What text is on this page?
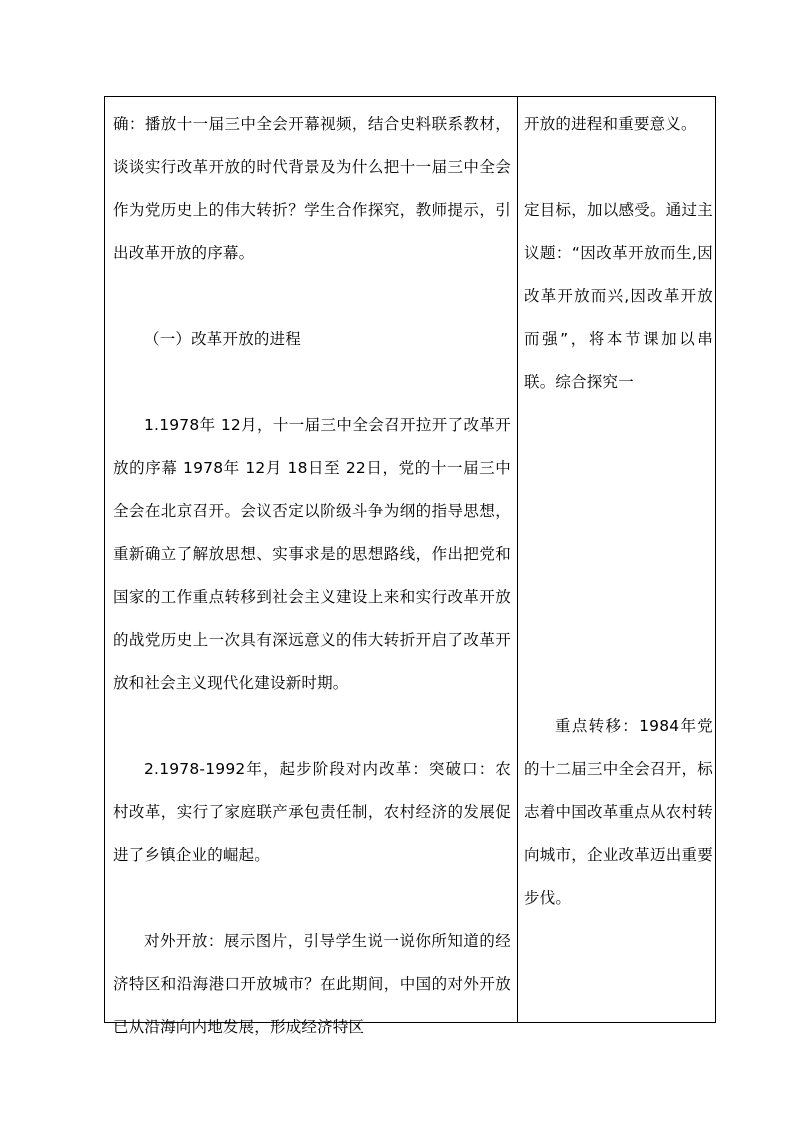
确：播放十一届三中全会开幕视频，结合史料联系教材，谈谈实行改革开放的时代背景及为什么把十一届三中全会作为党历史上的伟大转折？学生合作探究，教师提示，引出改革开放的序幕。

（一）改革开放的进程

1.1978年 12月，十一届三中全会召开拉开了改革开放的序幕 1978年 12月 18日至 22日，党的十一届三中全会在北京召开。会议否定以阶级斗争为纲的指导思想，重新确立了解放思想、实事求是的思想路线，作出把党和国家的工作重点转移到社会主义建设上来和实行改革开放的战党历史上一次具有深远意义的伟大转折开启了改革开放和社会主义现代化建设新时期。

2.1978-1992年，起步阶段对内改革：突破口：农村改革，实行了家庭联产承包责任制，农村经济的发展促进了乡镇企业的崛起。

对外开放：展示图片，引导学生说一说你所知道的经济特区和沿海港口开放城市？在此期间，中国的对外开放已从沿海向内地发展，形成经济特区

开放的进程和重要意义。

定目标，加以感受。通过主议题：“因改革开放而生,因改革开放而兴,因改革开放而强”，将本节课加以串联。综合探究一

重点转移：1984年党的十二届三中全会召开，标志着中国改革重点从农村转向城市，企业改革迈出重要步伐。
